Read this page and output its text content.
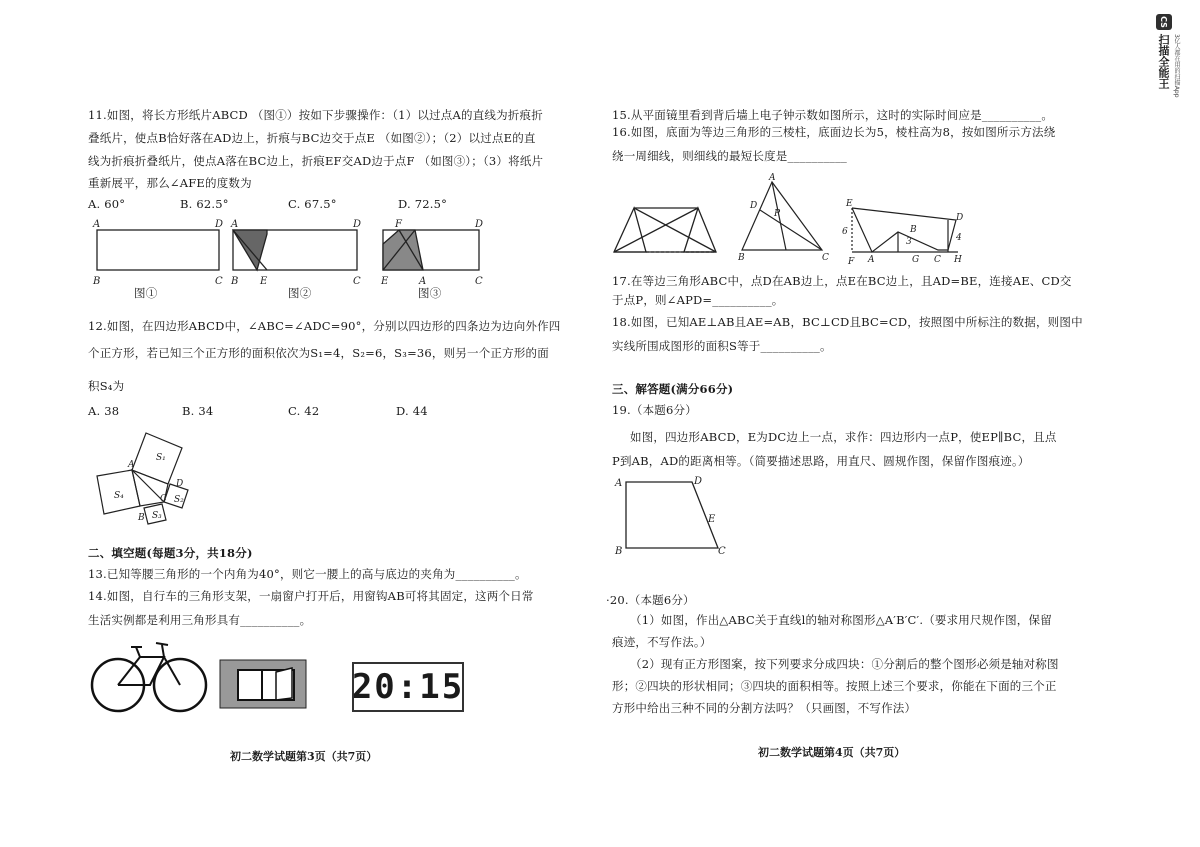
11.如图，将长方形纸片ABCD （图①）按如下步骤操作：（1）以过点A的直线为折痕折
叠纸片，使点B恰好落在AD边上，折痕与BC边交于点E （如图②）；（2）以过点E的直
线为折痕折叠纸片，使点A落在BC边上，折痕EF交AD边于点F （如图③）；（3）将纸片
重新展平，那么∠AFE的度数为
A. 60°	B. 62.5°	C. 67.5°	D. 72.5°
A	D
B	C
A	D
B E	C
F	D
E	A	C
图①	图②	图③
12.如图，在四边形ABCD中，∠ABC=∠ADC=90°，分别以四边形的四条边为边向外作四
个正方形，若已知三个正方形的面积依次为S₁=4，S₂=6，S₃=36，则另一个正方形的面
积S₄为
A. 38	B. 34	C. 42	D. 44
A
S₁
S₄	C
D
S₂
B S₃
二、填空题(每题3分，共18分)
13.已知等腰三角形的一个内角为40°，则它一腰上的高与底边的夹角为__________。
14.如图，自行车的三角形支架，一扇窗户打开后，用窗钩AB可将其固定，这两个日常
生活实例都是利用三角形具有__________。
20:15
初二数学试题第3页（共7页）
15.从平面镜里看到背后墙上电子钟示数如图所示，这时的实际时间应是__________。
16.如图，底面为等边三角形的三棱柱，底面边长为5，棱柱高为8，按如图所示方法绕
绕一周细线，则细线的最短长度是__________
A
D
P
B	C
E
D
6
3	4
F A
B
G C H
17.在等边三角形ABC中，点D在AB边上，点E在BC边上，且AD=BE，连接AE、CD交
于点P，则∠APD=__________。
18.如图，已知AE⊥AB且AE=AB，BC⊥CD且BC=CD，按照图中所标注的数据，则图中
实线所围成图形的面积S等于__________。
三、解答题(满分66分)
19.（本题6分）
如图，四边形ABCD，E为DC边上一点，求作：四边形内一点P，使EP∥BC，且点
P到AB，AD的距离相等。（简要描述思路，用直尺、圆规作图，保留作图痕迹。）
A	D
E
B	C
·20.（本题6分）
（1）如图，作出△ABC关于直线l的轴对称图形△A′B′C′.（要求用尺规作图，保留
痕迹，不写作法。）
（2）现有正方形图案，按下列要求分成四块：①分割后的整个图形必须是轴对称图
形；②四块的形状相同；③四块的面积相等。按照上述三个要求，你能在下面的三个正
方形中给出三种不同的分割方法吗？（只画图，不写作法）
初二数学试题第4页（共7页）
CS
扫描全能王 3亿人都在用的扫描App
